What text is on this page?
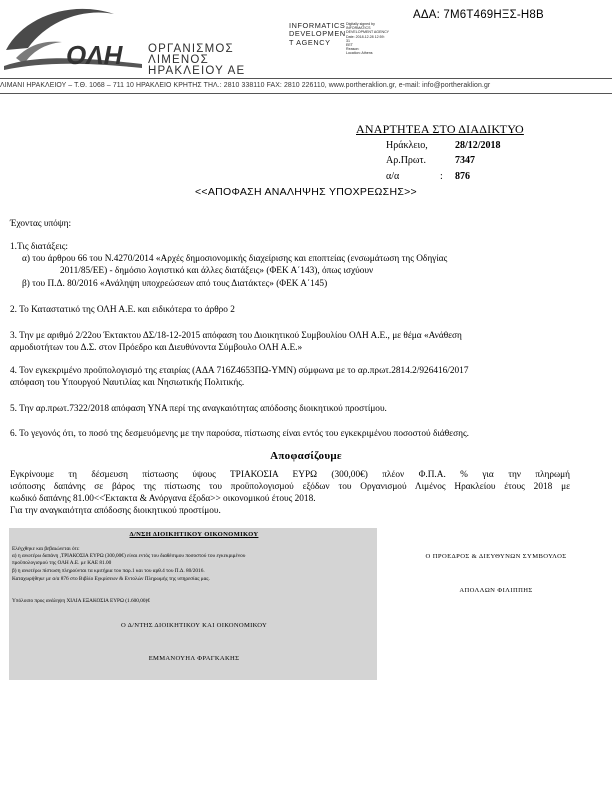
ΑΔΑ: 7Μ6Τ469ΗΞΣ-Η8Β
ΟΛΗ ΟΡΓΑΝΙΣΜΟΣ
ΛΙΜΕΝΟΣ
ΗΡΑΚΛΕΙΟΥ ΑΕ
INFORMATICS
DEVELOPMEN
T AGENCY
Digitally signed by
INFORMATICS
DEVELOPMENT AGENCY
Date: 2018.12.28 12:59:
31
EET
Reason:
Location: Athens
ΛΙΜΑΝΙ ΗΡΑΚΛΕΙΟΥ – Τ.Θ. 1068 – 711 10 ΗΡΑΚΛΕΙΟ ΚΡΗΤΗΣ ΤΗΛ.: 2810 338110 FAX: 2810 226110, www.portheraklion.gr, e-mail: info@portheraklion.gr
ΑΝΑΡΤΗΤΕΑ ΣΤΟ ΔΙΑΔΙΚΤΥΟ
Ηράκλειο,	28/12/2018
Αρ.Πρωτ.	7347
α/α	: 876
<<ΑΠΟΦΑΣΗ ΑΝΑΛΗΨΗΣ ΥΠΟΧΡΕΩΣΗΣ>>
Έχοντας υπόψη:
1.Τις διατάξεις:
α) του άρθρου 66 του Ν.4270/2014 «Αρχές δημοσιονομικής διαχείρισης και εποπτείας (ενσωμάτωση της Οδηγίας
2011/85/ΕΕ) - δημόσιο λογιστικό και άλλες διατάξεις» (ΦΕΚ Α΄143), όπως ισχύουν
β) του Π.Δ. 80/2016 «Ανάληψη υποχρεώσεων από τους Διατάκτες» (ΦΕΚ Α΄145)
2. Το Καταστατικό της ΟΛΗ Α.Ε. και ειδικότερα το άρθρο 2
3. Την με αριθμό 2/22ου Έκτακτου ΔΣ/18-12-2015 απόφαση του Διοικητικού Συμβουλίου ΟΛΗ Α.Ε., με θέμα «Ανάθεση
αρμοδιοτήτων του Δ.Σ. στον Πρόεδρο και Διευθύνοντα Σύμβουλο ΟΛΗ Α.Ε.»
4. Τον εγκεκριμένο προϋπολογισμό της εταιρίας (ΑΔΑ 716Ζ4653ΠΩ-ΥΜΝ) σύμφωνα με το αρ.πρωτ.2814.2/926416/2017
απόφαση του Υπουργού Ναυτιλίας και Νησιωτικής Πολιτικής.
5. Την αρ.πρωτ.7322/2018 απόφαση ΥΝΑ περί της αναγκαιότητας απόδοσης διοικητικού προστίμου.
6. Το γεγονός ότι, το ποσό της δεσμευόμενης με την παρούσα, πίστωσης είναι εντός του εγκεκριμένου ποσοστού διάθεσης.
Αποφασίζουμε
Εγκρίνουμε τη δέσμευση πίστωσης ύψους ΤΡΙΑΚΟΣΙΑ ΕΥΡΩ (300,00€) πλέον Φ.Π.Α. % για την πληρωμή
ισόποσης δαπάνης σε βάρος της πίστωσης του προϋπολογισμού εξόδων του Οργανισμού Λιμένος Ηρακλείου έτους 2018 με
κωδικό δαπάνης 81.00<<Έκτακτα & Ανόργανα έξοδα>> οικονομικού έτους 2018.
Για την αναγκαιότητα απόδοσης διοικητικού προστίμου.
Δ/ΝΣΗ ΔΙΟΙΚΗΤΙΚΟΥ ΟΙΚΟΝΟΜΙΚΟΥ
Ελέγχθηκε και βεβαιώνεται ότι:
α) η ανωτέρω δαπάνη ,ΤΡΙΑΚΟΣΙΑ ΕΥΡΩ (300,00€) είναι εντός του διαθέσιμου ποσοστού του εγκεκριμένου
προϋπολογισμού της ΟΛΗ Α.Ε. με ΚΑΕ 81.00
β) η ανωτέρω πίστωση πληρούνται τα κριτήρια του παρ.1 και του αρθ.4 του Π.Δ. 80/2016.
Καταχωρήθηκε με α/α 876 στο Βιβλίο Εγκρίσεων & Εντολών Πληρωμής της υπηρεσίας μας.
Υπόλοιπο προς ανάληψη ΧΙΛΙΑ ΕΞΑΚΟΣΙΑ ΕΥΡΩ (1.600,00)€
Ο Δ/ΝΤΗΣ ΔΙΟΙΚΗΤΙΚΟΥ ΚΑΙ ΟΙΚΟΝΟΜΙΚΟΥ
ΕΜΜΑΝΟΥΗΛ ΦΡΑΓΚΑΚΗΣ
Ο ΠΡΟΕΔΡΟΣ & ΔΙΕΥΘΥΝΩΝ ΣΥΜΒΟΥΛΟΣ
ΑΠΟΛΛΩΝ ΦΙΛΙΠΠΗΣ
